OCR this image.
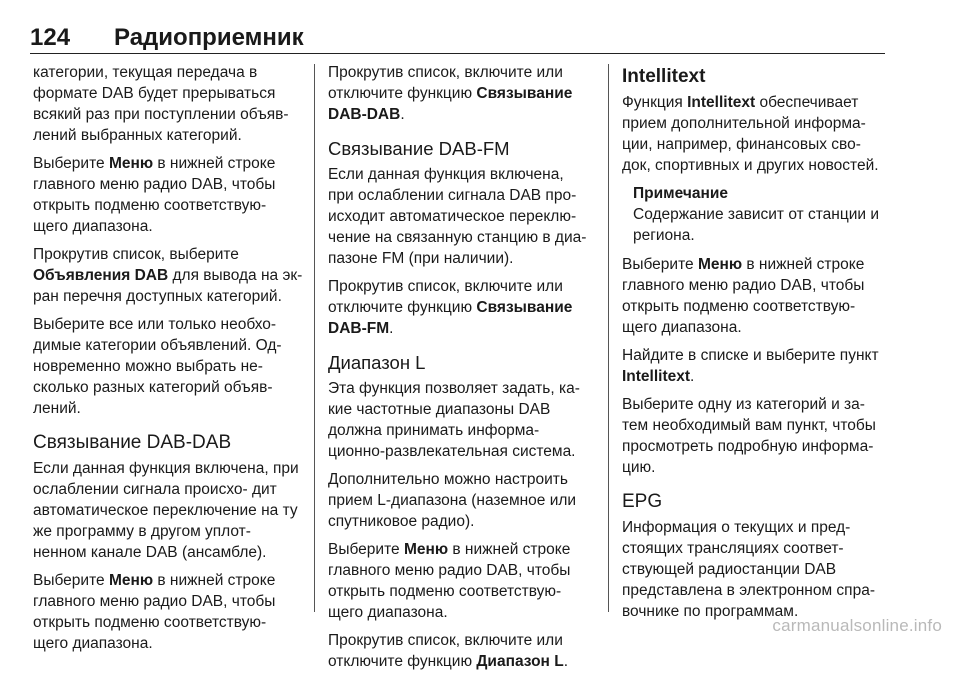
124 Радиоприемник

категории, текущая передача в формате DAB будет прерываться всякий раз при поступлении объяв- лений выбранных категорий.

Выберите Меню в нижней строке главного меню радио DAB, чтобы открыть подменю соответствую- щего диапазона.

Прокрутив список, выберите Объявления DAB для вывода на эк- ран перечня доступных категорий.

Выберите все или только необхо- димые категории объявлений. Од- новременно можно выбрать не- сколько разных категорий объяв- лений.

Связывание DAB-DAB

Если данная функция включена, при ослаблении сигнала происхо- дит автоматическое переключение на ту же программу в другом уплот- ненном канале DAB (ансамбле).

Выберите Меню в нижней строке главного меню радио DAB, чтобы открыть подменю соответствую- щего диапазона.

Прокрутив список, включите или отключите функцию Связывание DAB-DAB.

Связывание DAB-FM

Если данная функция включена, при ослаблении сигнала DAB про- исходит автоматическое переклю- чение на связанную станцию в диа- пазоне FM (при наличии).

Прокрутив список, включите или отключите функцию Связывание DAB-FM.

Диапазон L

Эта функция позволяет задать, ка- кие частотные диапазоны DAB должна принимать информа- ционно-развлекательная система.

Дополнительно можно настроить прием L-диапазона (наземное или спутниковое радио).

Выберите Меню в нижней строке главного меню радио DAB, чтобы открыть подменю соответствую- щего диапазона.

Прокрутив список, включите или отключите функцию Диапазон L.

Intellitext

Функция Intellitext обеспечивает прием дополнительной информа- ции, например, финансовых сво- док, спортивных и других новостей.

Примечание
Содержание зависит от станции и региона.

Выберите Меню в нижней строке главного меню радио DAB, чтобы открыть подменю соответствую- щего диапазона.

Найдите в списке и выберите пункт Intellitext.

Выберите одну из категорий и за- тем необходимый вам пункт, чтобы просмотреть подробную информа- цию.

EPG

Информация о текущих и пред- стоящих трансляциях соответ- ствующей радиостанции DAB представлена в электронном спра- вочнике по программам.

carmanualsonline.info
